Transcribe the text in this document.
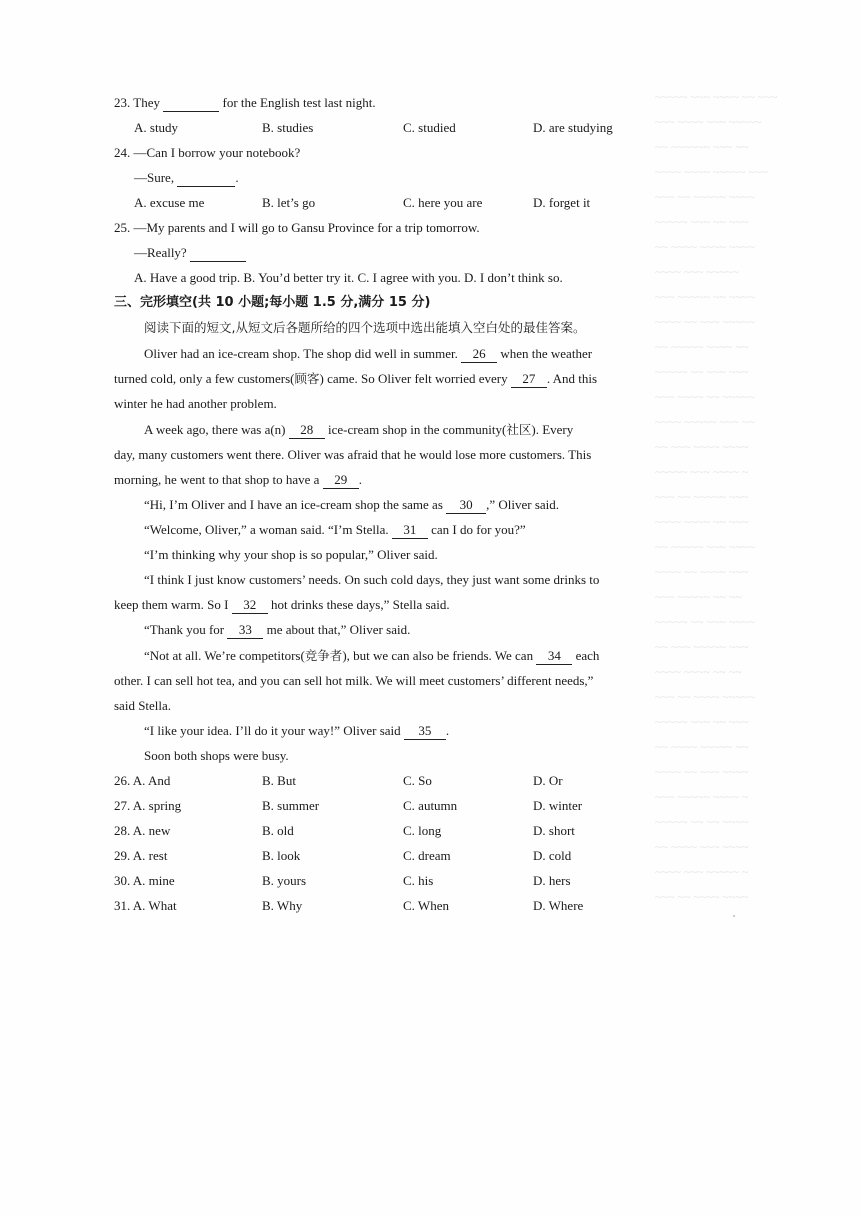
~~~~~ ~~~ ~~~~ ~~ ~~~
~~~ ~~~~ ~~~ ~~~~~
~~ ~~~~~~ ~~~ ~~
~~~~ ~~~~ ~~~~~ ~~~
~~~ ~~ ~~~~~ ~~~~
~~~~~ ~~~ ~~ ~~~
~~ ~~~~ ~~~~ ~~~~
~~~~ ~~~ ~~~~~
~~~ ~~~~~ ~~ ~~~~
~~~~ ~~ ~~~ ~~~~~
~~ ~~~~~ ~~~~ ~~
~~~~~ ~~ ~~~ ~~~
~~~ ~~~~ ~~ ~~~~~
~~~~ ~~~~~ ~~~ ~~
~~ ~~~ ~~~~ ~~~~
~~~~~ ~~~ ~~~~ ~
~~~ ~~ ~~~~~ ~~~
~~~~ ~~~~ ~~ ~~~
~~ ~~~~~ ~~~ ~~~~
~~~~ ~~ ~~~~ ~~~
~~~ ~~~~~ ~~ ~~
~~~~~ ~~ ~~~ ~~~~
~~ ~~~ ~~~~~ ~~~
~~~~ ~~~~ ~~ ~~
~~~ ~~ ~~~~ ~~~~~
~~~~~ ~~~ ~~ ~~~
~~ ~~~~ ~~~~~ ~~
~~~~ ~~ ~~~ ~~~~
~~~ ~~~~~ ~~~~ ~
~~~~~ ~~ ~~ ~~~~
~~ ~~~~ ~~~ ~~~~
~~~~ ~~~ ~~~~~ ~
~~~ ~~ ~~~~ ~~~~
23. They	for the English test last night.
A. study	B. studies	C. studied	D. are studying
24. —Can I borrow your notebook?
—Sure,	.
A. excuse me	B. let’s go	C. here you are	D. forget it
25. —My parents and I will go to Gansu Province for a trip tomorrow.
—Really?
A. Have a good trip. B. You’d better try it. C. I agree with you. D. I don’t think so.
三、完形填空(共 10 小题;每小题 1.5 分,满分 15 分)
阅读下面的短文,从短文后各题所给的四个选项中选出能填入空白处的最佳答案。
Oliver had an ice-cream shop. The shop did well in summer. 26 when the weather
turned cold, only a few customers(顾客) came. So Oliver felt worried every 27 . And this
winter he had another problem.
A week ago, there was a(n) 28 ice-cream shop in the community(社区). Every
day, many customers went there. Oliver was afraid that he would lose more customers. This
morning, he went to that shop to have a 29 .
“Hi, I’m Oliver and I have an ice-cream shop the same as 30 ,” Oliver said.
“Welcome, Oliver,” a woman said. “I’m Stella. 31 can I do for you?”
“I’m thinking why your shop is so popular,” Oliver said.
“I think I just know customers’ needs. On such cold days, they just want some drinks to
keep them warm. So I 32 hot drinks these days,” Stella said.
“Thank you for 33 me about that,” Oliver said.
“Not at all. We’re competitors(竞争者), but we can also be friends. We can 34 each
other. I can sell hot tea, and you can sell hot milk. We will meet customers’ different needs,”
said Stella.
“I like your idea. I’ll do it your way!” Oliver said 35 .
Soon both shops were busy.
26. A. And	B. But	C. So	D. Or
27. A. spring	B. summer	C. autumn	D. winter
28. A. new	B. old	C. long	D. short
29. A. rest	B. look	C. dream	D. cold
30. A. mine	B. yours	C. his	D. hers
31. A. What	B. Why	C. When	D. Where
